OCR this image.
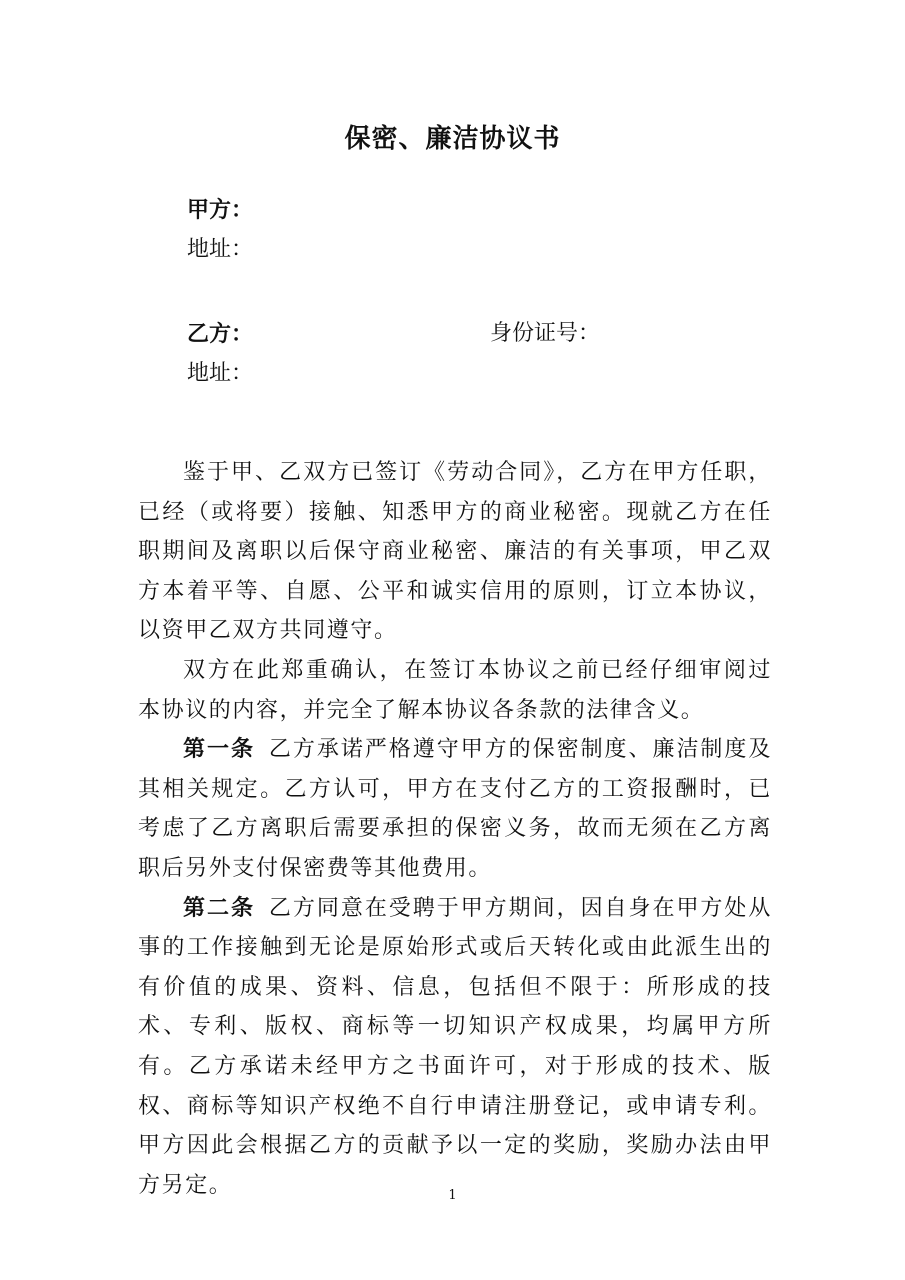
保密、廉洁协议书
甲方：
地址：
乙方：	身份证号：
地址：

鉴于甲、乙双方已签订《劳动合同》，乙方在甲方任职，已经（或将要）接触、知悉甲方的商业秘密。现就乙方在任职期间及离职以后保守商业秘密、廉洁的有关事项，甲乙双方本着平等、自愿、公平和诚实信用的原则，订立本协议，以资甲乙双方共同遵守。

双方在此郑重确认，在签订本协议之前已经仔细审阅过本协议的内容，并完全了解本协议各条款的法律含义。

第一条 乙方承诺严格遵守甲方的保密制度、廉洁制度及其相关规定。乙方认可，甲方在支付乙方的工资报酬时，已考虑了乙方离职后需要承担的保密义务，故而无须在乙方离职后另外支付保密费等其他费用。

第二条 乙方同意在受聘于甲方期间，因自身在甲方处从事的工作接触到无论是原始形式或后天转化或由此派生出的有价值的成果、资料、信息，包括但不限于：所形成的技术、专利、版权、商标等一切知识产权成果，均属甲方所有。乙方承诺未经甲方之书面许可，对于形成的技术、版权、商标等知识产权绝不自行申请注册登记，或申请专利。甲方因此会根据乙方的贡献予以一定的奖励，奖励办法由甲方另定。	1
